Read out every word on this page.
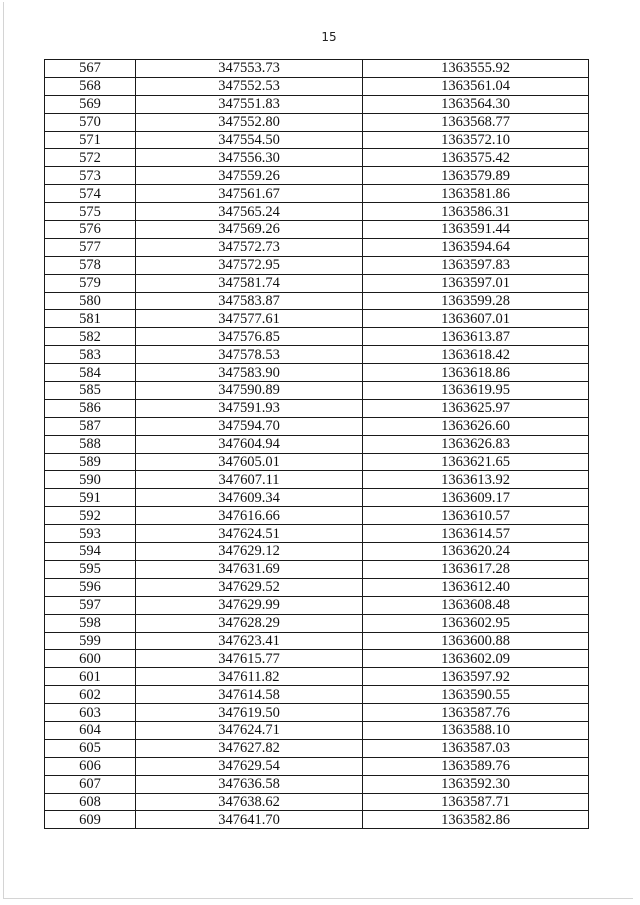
15
567	347553.73	1363555.92
568	347552.53	1363561.04
569	347551.83	1363564.30
570	347552.80	1363568.77
571	347554.50	1363572.10
572	347556.30	1363575.42
573	347559.26	1363579.89
574	347561.67	1363581.86
575	347565.24	1363586.31
576	347569.26	1363591.44
577	347572.73	1363594.64
578	347572.95	1363597.83
579	347581.74	1363597.01
580	347583.87	1363599.28
581	347577.61	1363607.01
582	347576.85	1363613.87
583	347578.53	1363618.42
584	347583.90	1363618.86
585	347590.89	1363619.95
586	347591.93	1363625.97
587	347594.70	1363626.60
588	347604.94	1363626.83
589	347605.01	1363621.65
590	347607.11	1363613.92
591	347609.34	1363609.17
592	347616.66	1363610.57
593	347624.51	1363614.57
594	347629.12	1363620.24
595	347631.69	1363617.28
596	347629.52	1363612.40
597	347629.99	1363608.48
598	347628.29	1363602.95
599	347623.41	1363600.88
600	347615.77	1363602.09
601	347611.82	1363597.92
602	347614.58	1363590.55
603	347619.50	1363587.76
604	347624.71	1363588.10
605	347627.82	1363587.03
606	347629.54	1363589.76
607	347636.58	1363592.30
608	347638.62	1363587.71
609	347641.70	1363582.86
